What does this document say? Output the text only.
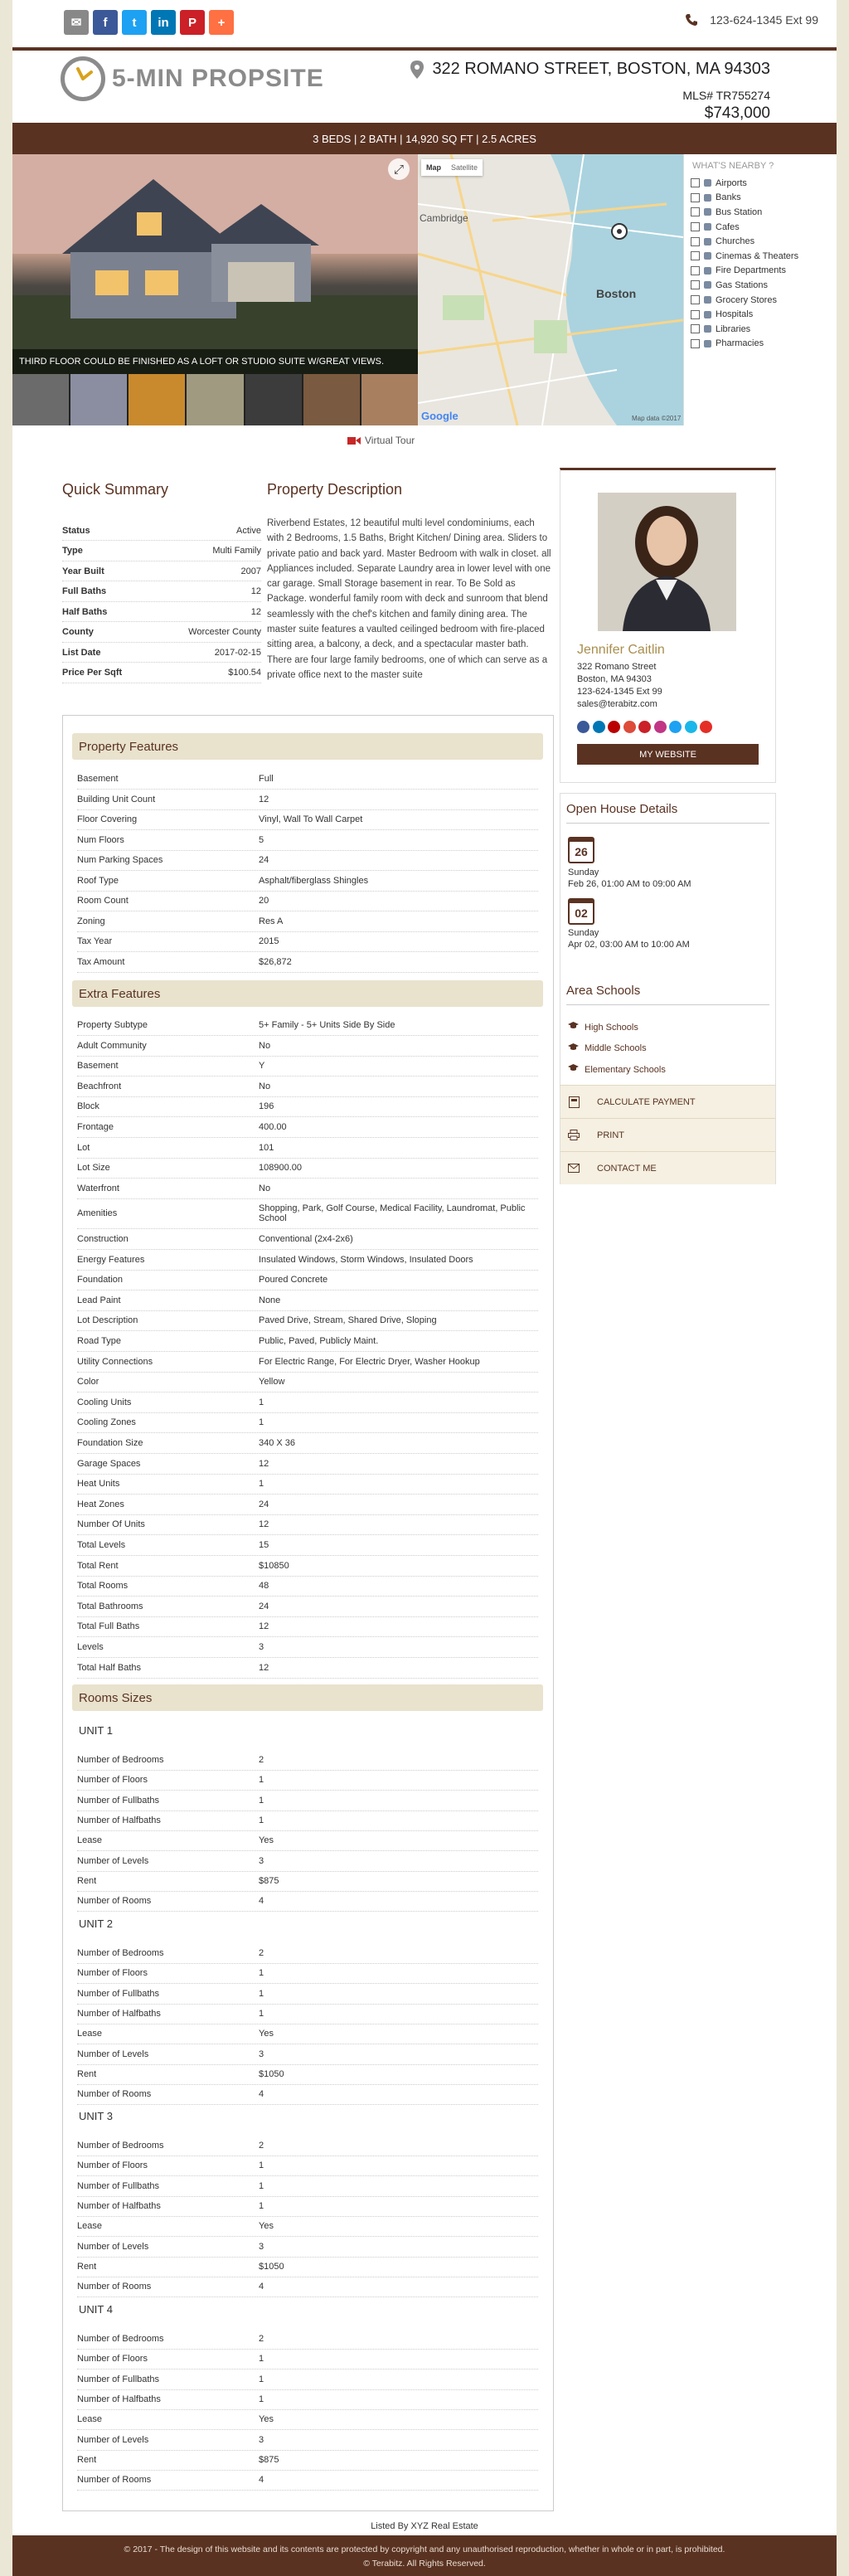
123-624-1345 Ext 99
5-MIN PROPSITE	322 ROMANO STREET, BOSTON, MA 94303
MLS# TR755274
$743,000
3 BEDS | 2 BATH | 14,920 SQ FT | 2.5 ACRES
⤢
THIRD FLOOR COULD BE FINISHED AS A LOFT OR STUDIO SUITE W/GREAT VIEWS.
Map	Satellite
Cambridge
Boston
Google	Map data ©2017
WHAT'S NEARBY ?
Airports
Banks
Bus Station
Cafes
Churches
Cinemas & Theaters
Fire Departments
Gas Stations
Grocery Stores
Hospitals
Libraries
Pharmacies
Virtual Tour
Quick Summary
Status	Active
Type	Multi Family
Year Built	2007
Full Baths	12
Half Baths	12
County	Worcester County
List Date	2017-02-15
Price Per Sqft	$100.54
Property Description
Riverbend Estates, 12 beautiful multi level condominiums, each with 2 Bedrooms, 1.5 Baths, Bright Kitchen/ Dining area. Sliders to private patio and back yard. Master Bedroom with walk in closet. all Appliances included. Separate Laundry area in lower level with one car garage. Small Storage basement in rear. To Be Sold as Package. wonderful family room with deck and sunroom that blend seamlessly with the chef's kitchen and family dining area. The master suite features a vaulted ceilinged bedroom with fire-placed sitting area, a balcony, a deck, and a spectacular master bath. There are four large family bedrooms, one of which can serve as a private office next to the master suite
Property Features
Basement	Full
Building Unit Count	12
Floor Covering	Vinyl, Wall To Wall Carpet
Num Floors	5
Num Parking Spaces	24
Roof Type	Asphalt/fiberglass Shingles
Room Count	20
Zoning	Res A
Tax Year	2015
Tax Amount	$26,872
Extra Features
Property Subtype	5+ Family - 5+ Units Side By Side
Adult Community	No
Basement	Y
Beachfront	No
Block	196
Frontage	400.00
Lot	101
Lot Size	108900.00
Waterfront	No
Amenities	Shopping, Park, Golf Course, Medical Facility, Laundromat, Public School
Construction	Conventional (2x4-2x6)
Energy Features	Insulated Windows, Storm Windows, Insulated Doors
Foundation	Poured Concrete
Lead Paint	None
Lot Description	Paved Drive, Stream, Shared Drive, Sloping
Road Type	Public, Paved, Publicly Maint.
Utility Connections	For Electric Range, For Electric Dryer, Washer Hookup
Color	Yellow
Cooling Units	1
Cooling Zones	1
Foundation Size	340 X 36
Garage Spaces	12
Heat Units	1
Heat Zones	24
Number Of Units	12
Total Levels	15
Total Rent	$10850
Total Rooms	48
Total Bathrooms	24
Total Full Baths	12
Levels	3
Total Half Baths	12
Rooms Sizes
UNIT 1
Number of Bedrooms	2
Number of Floors	1
Number of Fullbaths	1
Number of Halfbaths	1
Lease	Yes
Number of Levels	3
Rent	$875
Number of Rooms	4
UNIT 2
Number of Bedrooms	2
Number of Floors	1
Number of Fullbaths	1
Number of Halfbaths	1
Lease	Yes
Number of Levels	3
Rent	$1050
Number of Rooms	4
UNIT 3
Number of Bedrooms	2
Number of Floors	1
Number of Fullbaths	1
Number of Halfbaths	1
Lease	Yes
Number of Levels	3
Rent	$1050
Number of Rooms	4
UNIT 4
Number of Bedrooms	2
Number of Floors	1
Number of Fullbaths	1
Number of Halfbaths	1
Lease	Yes
Number of Levels	3
Rent	$875
Number of Rooms	4
Jennifer Caitlin
322 Romano Street
Boston, MA 94303
123-624-1345 Ext 99
sales@terabitz.com
MY WEBSITE
Open House Details
26
Sunday
Feb 26, 01:00 AM to 09:00 AM
02
Sunday
Apr 02, 03:00 AM to 10:00 AM
Area Schools
High Schools
Middle Schools
Elementary Schools
CALCULATE PAYMENT
PRINT
CONTACT ME
Listed By XYZ Real Estate
© 2017 - The design of this website and its contents are protected by copyright and any unauthorised reproduction, whether in whole or in part, is prohibited.
© Terabitz. All Rights Reserved.
✉	f	t	in	P	+
